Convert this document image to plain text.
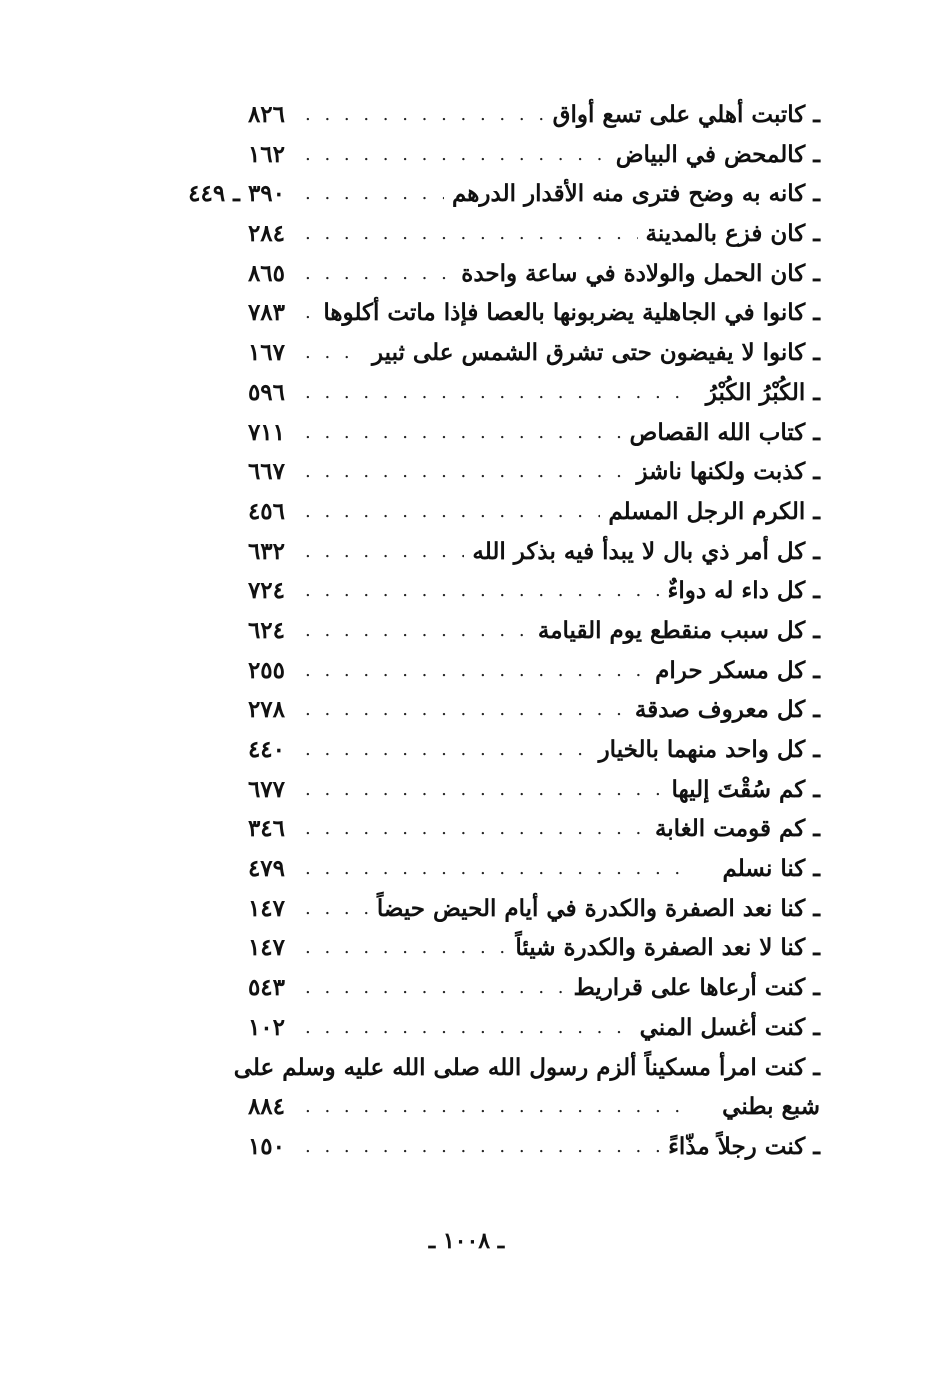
. . .
ـ كاتبت أهلي على تسع أواق
٨٢٦
. . .
ـ كالمحض في البياض
١٦٢
. . .
ـ كانه به وضح فترى منه الأقدار الدرهم
٣٩٠ ـ ٤٤٩
. . .
ـ كان فزع بالمدينة
٢٨٤
. . .
ـ كان الحمل والولادة في ساعة واحدة
٨٦٥
. . .
ـ كانوا في الجاهلية يضربونها بالعصا فإذا ماتت أكلوها
٧٨٣
. . .
ـ كانوا لا يفيضون حتى تشرق الشمس على ثبير
١٦٧
. . .
ـ الكُبْرُ الكُبْرُ
٥٩٦
. . .
ـ كتاب الله القصاص
٧١١
. . .
ـ كذبت ولكنها ناشز
٦٦٧
. . .
ـ الكرم الرجل المسلم
٤٥٦
. . .
ـ كل أمر ذي بال لا يبدأ فيه بذكر الله
٦٣٢
. . .
ـ كل داء له دواءٌ
٧٢٤
. . .
ـ كل سبب منقطع يوم القيامة
٦٢٤
. . .
ـ كل مسكر حرام
٢٥٥
. . .
ـ كل معروف صدقة
٢٧٨
. . .
ـ كل واحد منهما بالخيار
٤٤٠
. . .
ـ كم سُقْتَ إليها
٦٧٧
. . .
ـ كم قومت الغابة
٣٤٦
. . .
ـ كنا نسلم
٤٧٩
. . .
ـ كنا نعد الصفرة والكدرة في أيام الحيض حيضاً
١٤٧
. . .
ـ كنا لا نعد الصفرة والكدرة شيئاً
١٤٧
. . .
ـ كنت أرعاها على قراريط
٥٤٣
. . .
ـ كنت أغسل المني
١٠٢
ـ كنت امرأ مسكيناً ألزم رسول الله صلى الله عليه وسلم على
. . .
شبع بطني
٨٨٤
. . .
ـ كنت رجلاً مذّاءً
١٥٠
ـ ١٠٠٨ ـ
